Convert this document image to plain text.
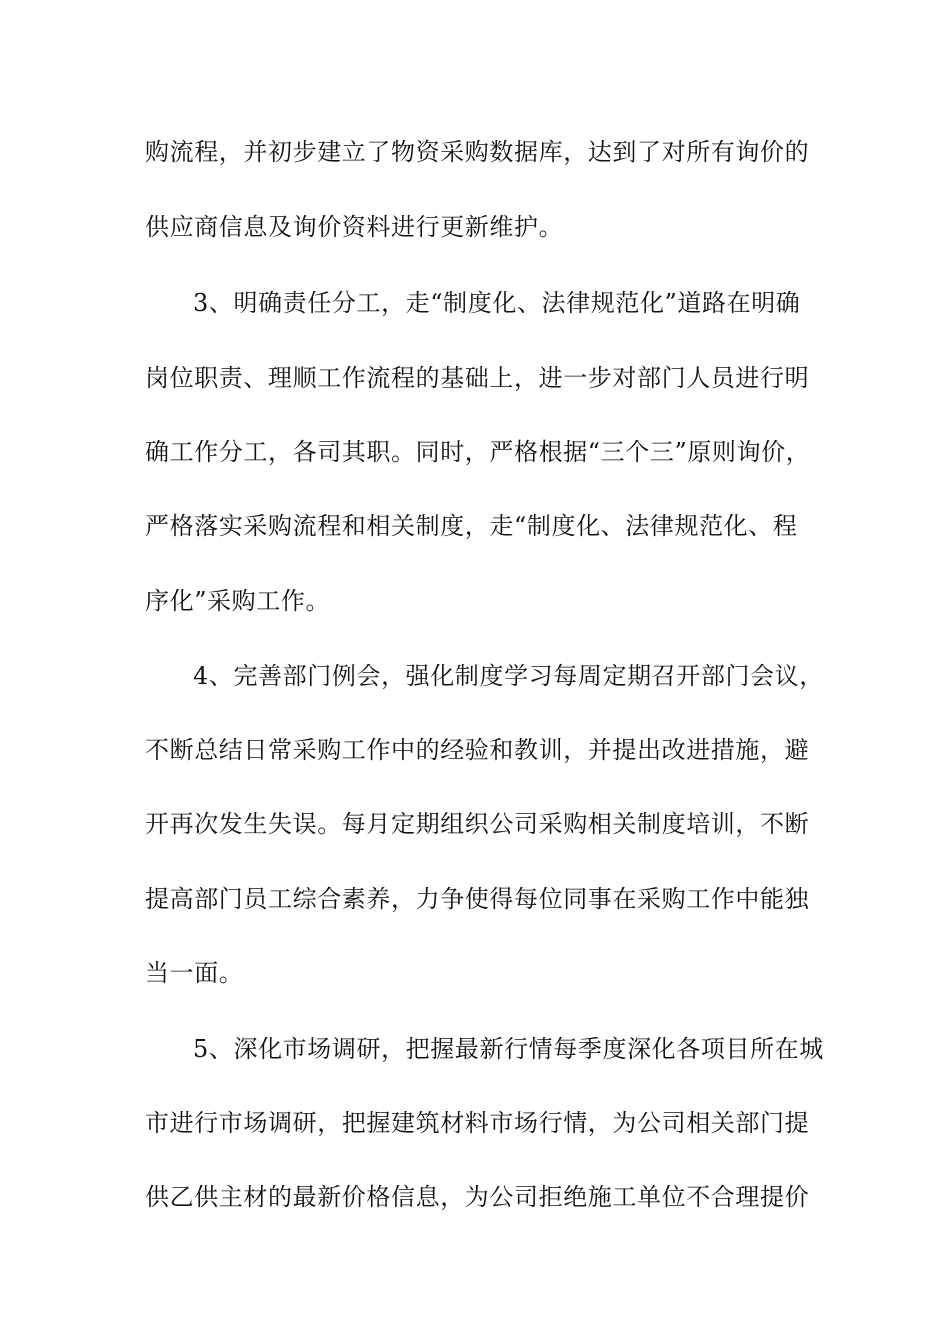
购流程，并初步建立了物资采购数据库，达到了对所有询价的
供应商信息及询价资料进行更新维护。
3、明确责任分工，走“制度化、法律规范化”道路在明确
岗位职责、理顺工作流程的基础上，进一步对部门人员进行明
确工作分工，各司其职。同时，严格根据“三个三”原则询价，
严格落实采购流程和相关制度，走“制度化、法律规范化、程
序化”采购工作。
4、完善部门例会，强化制度学习每周定期召开部门会议，
不断总结日常采购工作中的经验和教训，并提出改进措施，避
开再次发生失误。每月定期组织公司采购相关制度培训，不断
提高部门员工综合素养，力争使得每位同事在采购工作中能独
当一面。
5、深化市场调研，把握最新行情每季度深化各项目所在城
市进行市场调研，把握建筑材料市场行情，为公司相关部门提
供乙供主材的最新价格信息，为公司拒绝施工单位不合理提价
